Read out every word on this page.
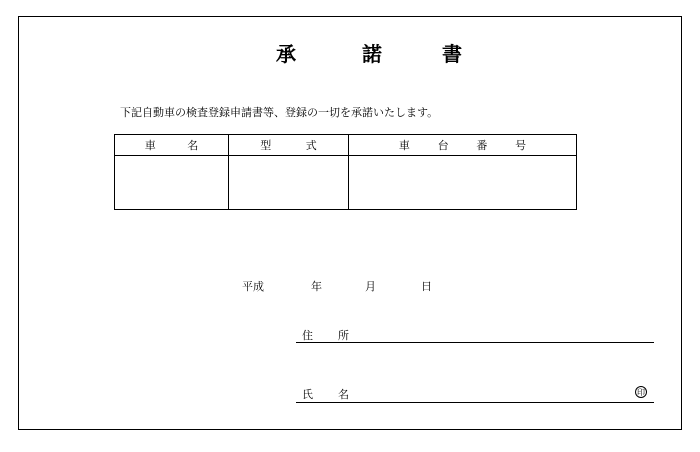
承	諾	書
下記自動車の検査登録申請書等、登録の一切を承諾いたします。
車 名	型 式	車 台 番 号

平成	年	月	日
住 所
氏 名	印
